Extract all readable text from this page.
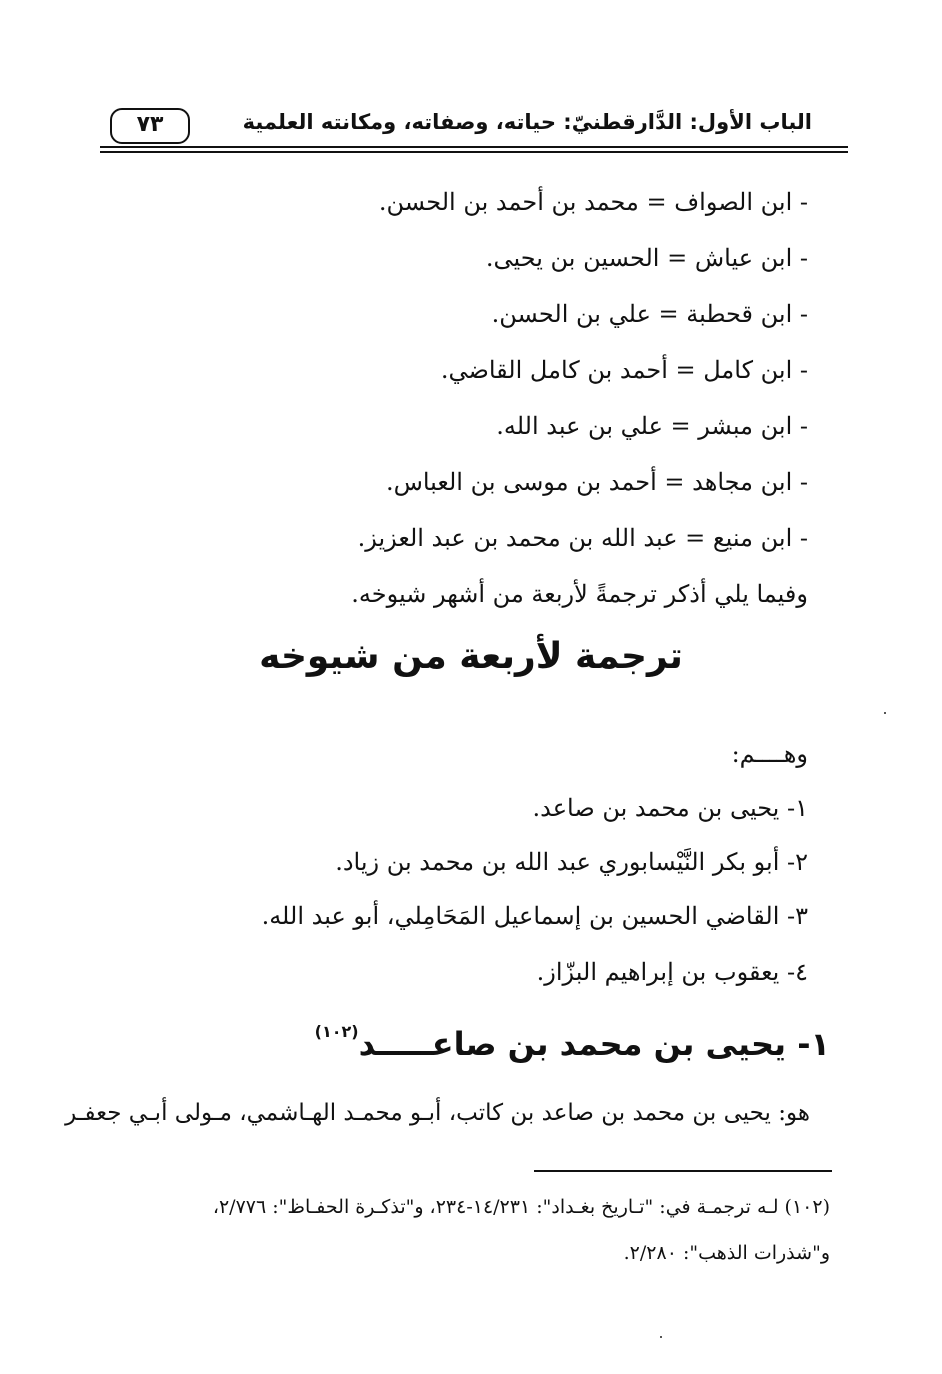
٧٣	الباب الأول: الدَّارقطنيّ: حياته، وصفاته، ومكانته العلمية
- ابن الصواف = محمد بن أحمد بن الحسن.
- ابن عياش = الحسين بن يحيى.
- ابن قحطبة = علي بن الحسن.
- ابن كامل = أحمد بن كامل القاضي.
- ابن مبشر = علي بن عبد الله.
- ابن مجاهد = أحمد بن موسى بن العباس.
- ابن منيع = عبد الله بن محمد بن عبد العزيز.
وفيما يلي أذكر ترجمةً لأربعة من أشهر شيوخه.
ترجمة لأربعة من شيوخه
وهــــم:
١- يحيى بن محمد بن صاعد.
٢- أبو بكر النَّيْسابوري عبد الله بن محمد بن زياد.
٣- القاضي الحسين بن إسماعيل المَحَامِلي، أبو عبد الله.
٤- يعقوب بن إبراهيم البزّاز.
١- يحيى بن محمد بن صاعـــــد$^{(١٠٢)}$
هو: يحيى بن محمد بن صاعد بن كاتب، أبـو محمـد الهـاشمي، مـولى أبـي جعفـر
(١٠٢) لـه ترجمـة في: "تـاريخ بغـداد": ١٤/٢٣١-٢٣٤، و"تذكـرة الحفـاظ": ٢/٧٧٦،
و"شذرات الذهب": ٢/٢٨٠.
